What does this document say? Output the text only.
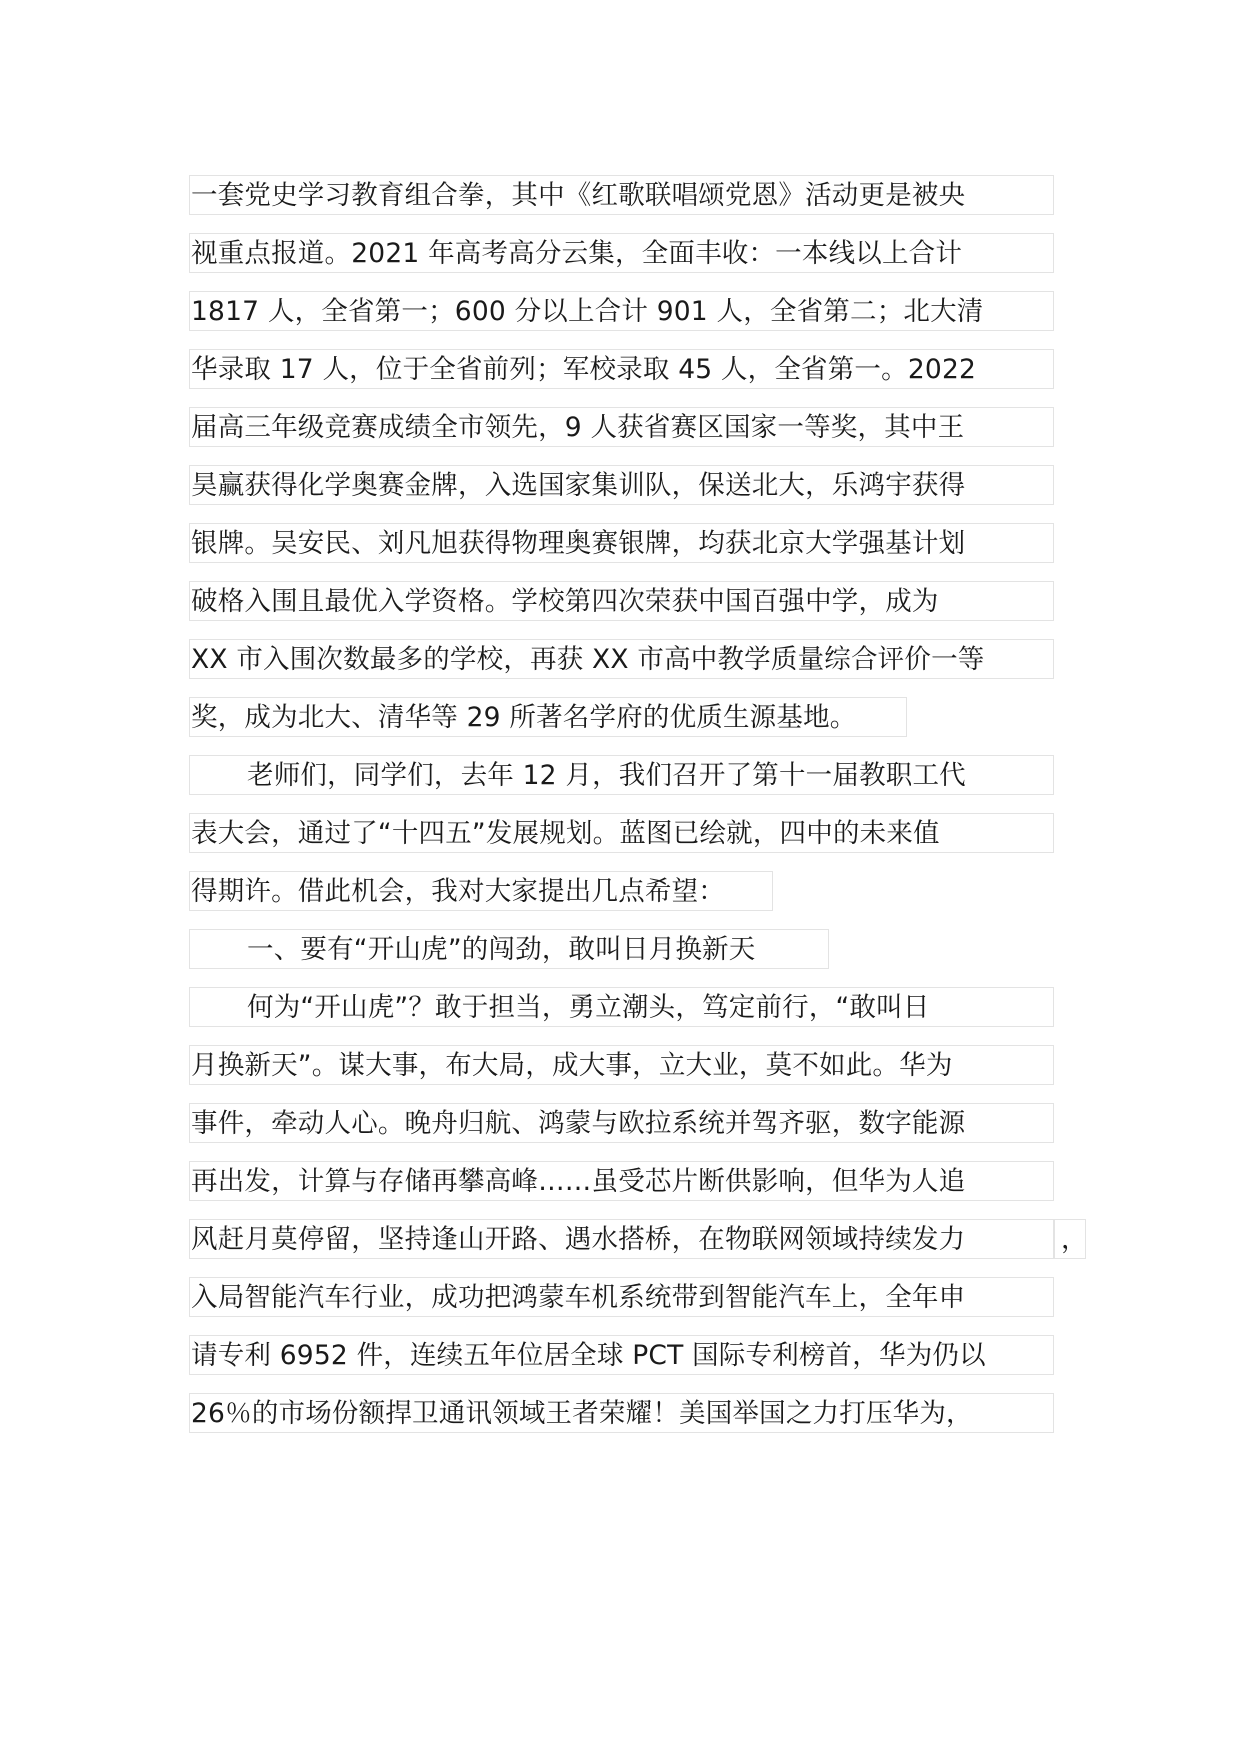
一套党史学习教育组合拳，其中《红歌联唱颂党恩》活动更是被央
视重点报道。2021 年高考高分云集，全面丰收：一本线以上合计
1817 人，全省第一；600 分以上合计 901 人，全省第二；北大清
华录取 17 人，位于全省前列；军校录取 45 人，全省第一。2022
届高三年级竞赛成绩全市领先，9 人获省赛区国家一等奖，其中王
昊赢获得化学奥赛金牌，入选国家集训队，保送北大，乐鸿宇获得
银牌。吴安民、刘凡旭获得物理奥赛银牌，均获北京大学强基计划
破格入围且最优入学资格。学校第四次荣获中国百强中学，成为
XX 市入围次数最多的学校，再获 XX 市高中教学质量综合评价一等
奖，成为北大、清华等 29 所著名学府的优质生源基地。
老师们，同学们，去年 12 月，我们召开了第十一届教职工代
表大会，通过了“十四五”发展规划。蓝图已绘就，四中的未来值
得期许。借此机会，我对大家提出几点希望：
一、要有“开山虎”的闯劲，敢叫日月换新天
何为“开山虎”？敢于担当，勇立潮头，笃定前行，“敢叫日
月换新天”。谋大事，布大局，成大事，立大业，莫不如此。华为
事件，牵动人心。晚舟归航、鸿蒙与欧拉系统并驾齐驱，数字能源
再出发，计算与存储再攀高峰……虽受芯片断供影响，但华为人追
风赶月莫停留，坚持逢山开路、遇水搭桥，在物联网领域持续发力	，
入局智能汽车行业，成功把鸿蒙车机系统带到智能汽车上，全年申
请专利 6952 件，连续五年位居全球 PCT 国际专利榜首，华为仍以
26％的市场份额捍卫通讯领域王者荣耀！美国举国之力打压华为，
